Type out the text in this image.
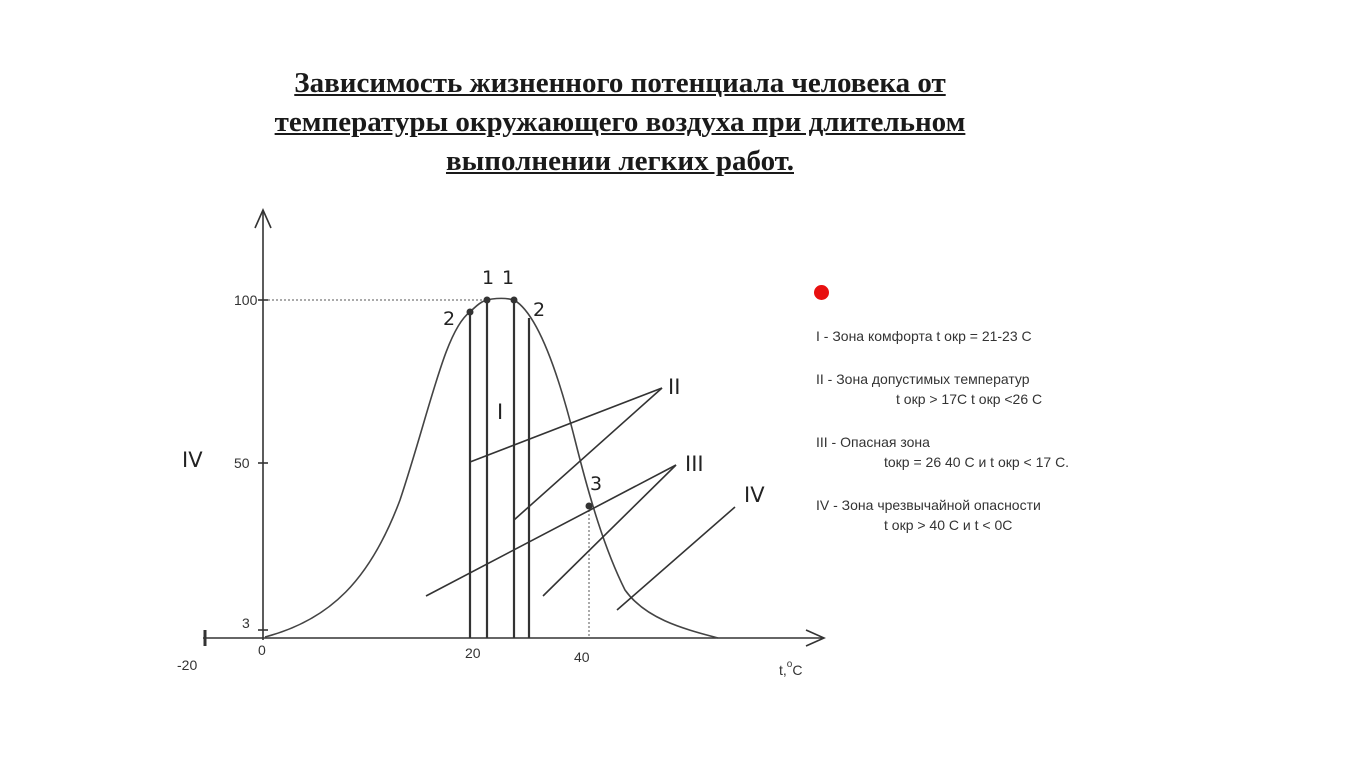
Зависимость жизненного потенциала человека от
температуры окружающего воздуха при длительном
выполнении легких работ.
100
50
3
-20
0	20	40
t,$^o$C
1 1
2	2
3
I
II
III
IV
IV
I - Зона комфорта t окр = 21-23 С
II - Зона допустимых температур
t окр > 17С t окр <26 С
III - Опасная зона
tокр = 26 40 С и t окр < 17 С.
IV - Зона чрезвычайной опасности
t окр > 40 С и t < 0С
